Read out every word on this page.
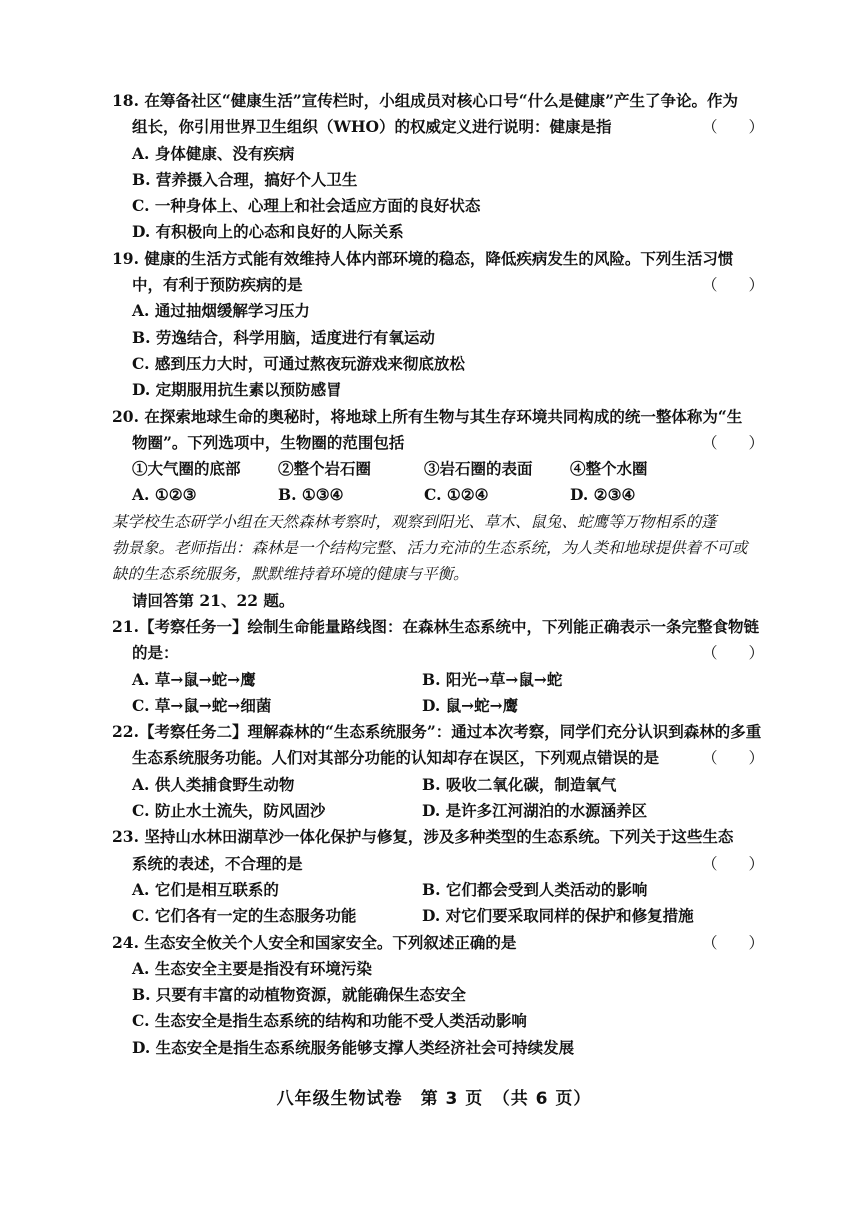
18. 在筹备社区“健康生活”宣传栏时，小组成员对核心口号“什么是健康”产生了争论。作为
组长，你引用世界卫生组织（WHO）的权威定义进行说明：健康是指	（　　）
A. 身体健康、没有疾病
B. 营养摄入合理，搞好个人卫生
C. 一种身体上、心理上和社会适应方面的良好状态
D. 有积极向上的心态和良好的人际关系
19. 健康的生活方式能有效维持人体内部环境的稳态，降低疾病发生的风险。下列生活习惯
中，有利于预防疾病的是	（　　）
A. 通过抽烟缓解学习压力
B. 劳逸结合，科学用脑，适度进行有氧运动
C. 感到压力大时，可通过熬夜玩游戏来彻底放松
D. 定期服用抗生素以预防感冒
20. 在探索地球生命的奥秘时，将地球上所有生物与其生存环境共同构成的统一整体称为“生
物圈”。下列选项中，生物圈的范围包括	（　　）
①大气圈的底部 ②整个岩石圈	③岩石圈的表面 ④整个水圈
A. ①②③	B. ①③④	C. ①②④	D. ②③④
某学校生态研学小组在天然森林考察时，观察到阳光、草木、鼠兔、蛇鹰等万物相系的蓬
勃景象。老师指出：森林是一个结构完整、活力充沛的生态系统，为人类和地球提供着不可或
缺的生态系统服务，默默维持着环境的健康与平衡。
请回答第 21、22 题。
21.【考察任务一】绘制生命能量路线图：在森林生态系统中，下列能正确表示一条完整食物链
的是：	（　　）
A. 草→鼠→蛇→鹰	B. 阳光→草→鼠→蛇
C. 草→鼠→蛇→细菌	D. 鼠→蛇→鹰
22.【考察任务二】理解森林的“生态系统服务”：通过本次考察，同学们充分认识到森林的多重
生态系统服务功能。人们对其部分功能的认知却存在误区，下列观点错误的是	（　　）
A. 供人类捕食野生动物	B. 吸收二氧化碳，制造氧气
C. 防止水土流失，防风固沙	D. 是许多江河湖泊的水源涵养区
23. 坚持山水林田湖草沙一体化保护与修复，涉及多种类型的生态系统。下列关于这些生态
系统的表述，不合理的是	（　　）
A. 它们是相互联系的	B. 它们都会受到人类活动的影响
C. 它们各有一定的生态服务功能	D. 对它们要采取同样的保护和修复措施
24. 生态安全攸关个人安全和国家安全。下列叙述正确的是	（　　）
A. 生态安全主要是指没有环境污染
B. 只要有丰富的动植物资源，就能确保生态安全
C. 生态安全是指生态系统的结构和功能不受人类活动影响
D. 生态安全是指生态系统服务能够支撑人类经济社会可持续发展
八年级生物试卷　第 3 页　（共 6 页）
